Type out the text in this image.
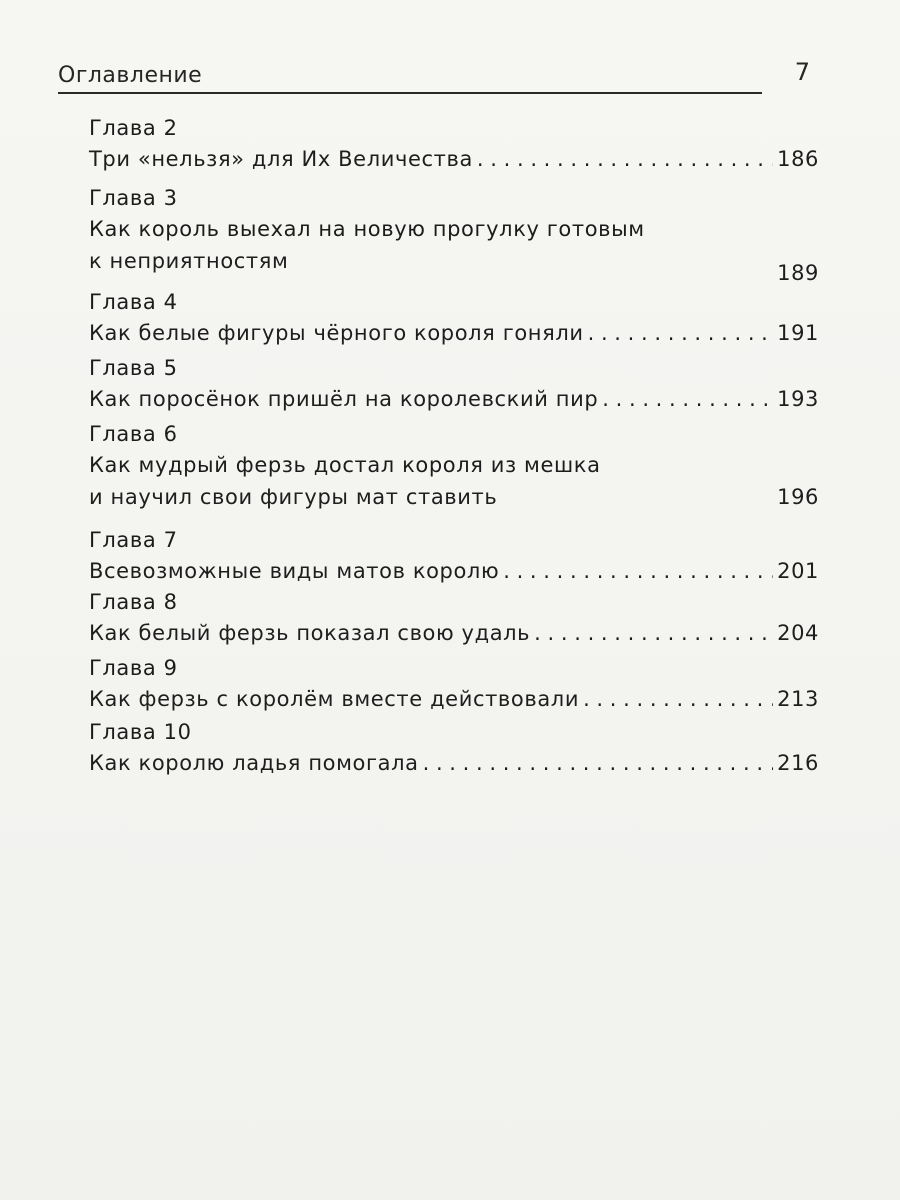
Оглавление	7
Глава 2
Три «нельзя» для Их Величества . . .	186
Глава 3
Как король выехал на новую прогулку готовым
к неприятностям	189
Глава 4
Как белые фигуры чёрного короля гоняли . . .	191
Глава 5
Как поросёнок пришёл на королевский пир . . .	193
Глава 6
Как мудрый ферзь достал короля из мешка
и научил свои фигуры мат ставить	196
Глава 7
Всевозможные виды матов королю . . .	201
Глава 8
Как белый ферзь показал свою удаль . . .	204
Глава 9
Как ферзь с королём вместе действовали . . .	213
Глава 10
Как королю ладья помогала . . .	216
